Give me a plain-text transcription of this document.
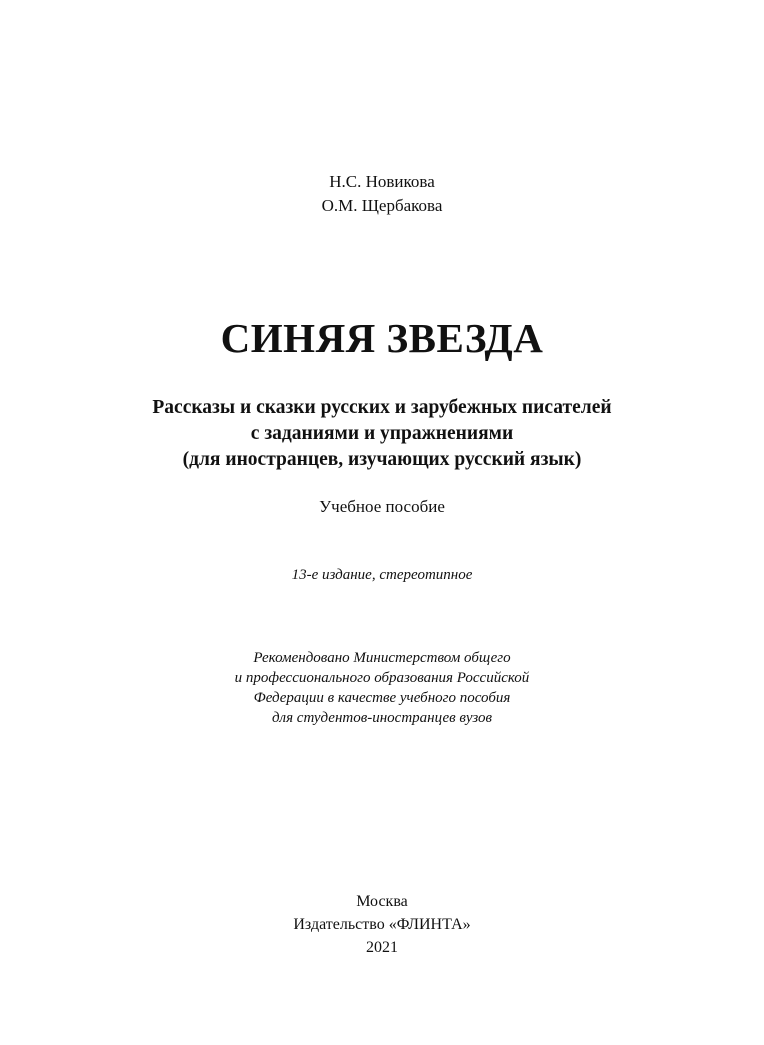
Н.С. Новикова
О.М. Щербакова
СИНЯЯ ЗВЕЗДА
Рассказы и сказки русских и зарубежных писателей
с заданиями и упражнениями
(для иностранцев, изучающих русский язык)
Учебное пособие
13-е издание, стереотипное
Рекомендовано Министерством общего
и профессионального образования Российской
Федерации в качестве учебного пособия
для студентов-иностранцев вузов
Москва
Издательство «ФЛИНТА»
2021
